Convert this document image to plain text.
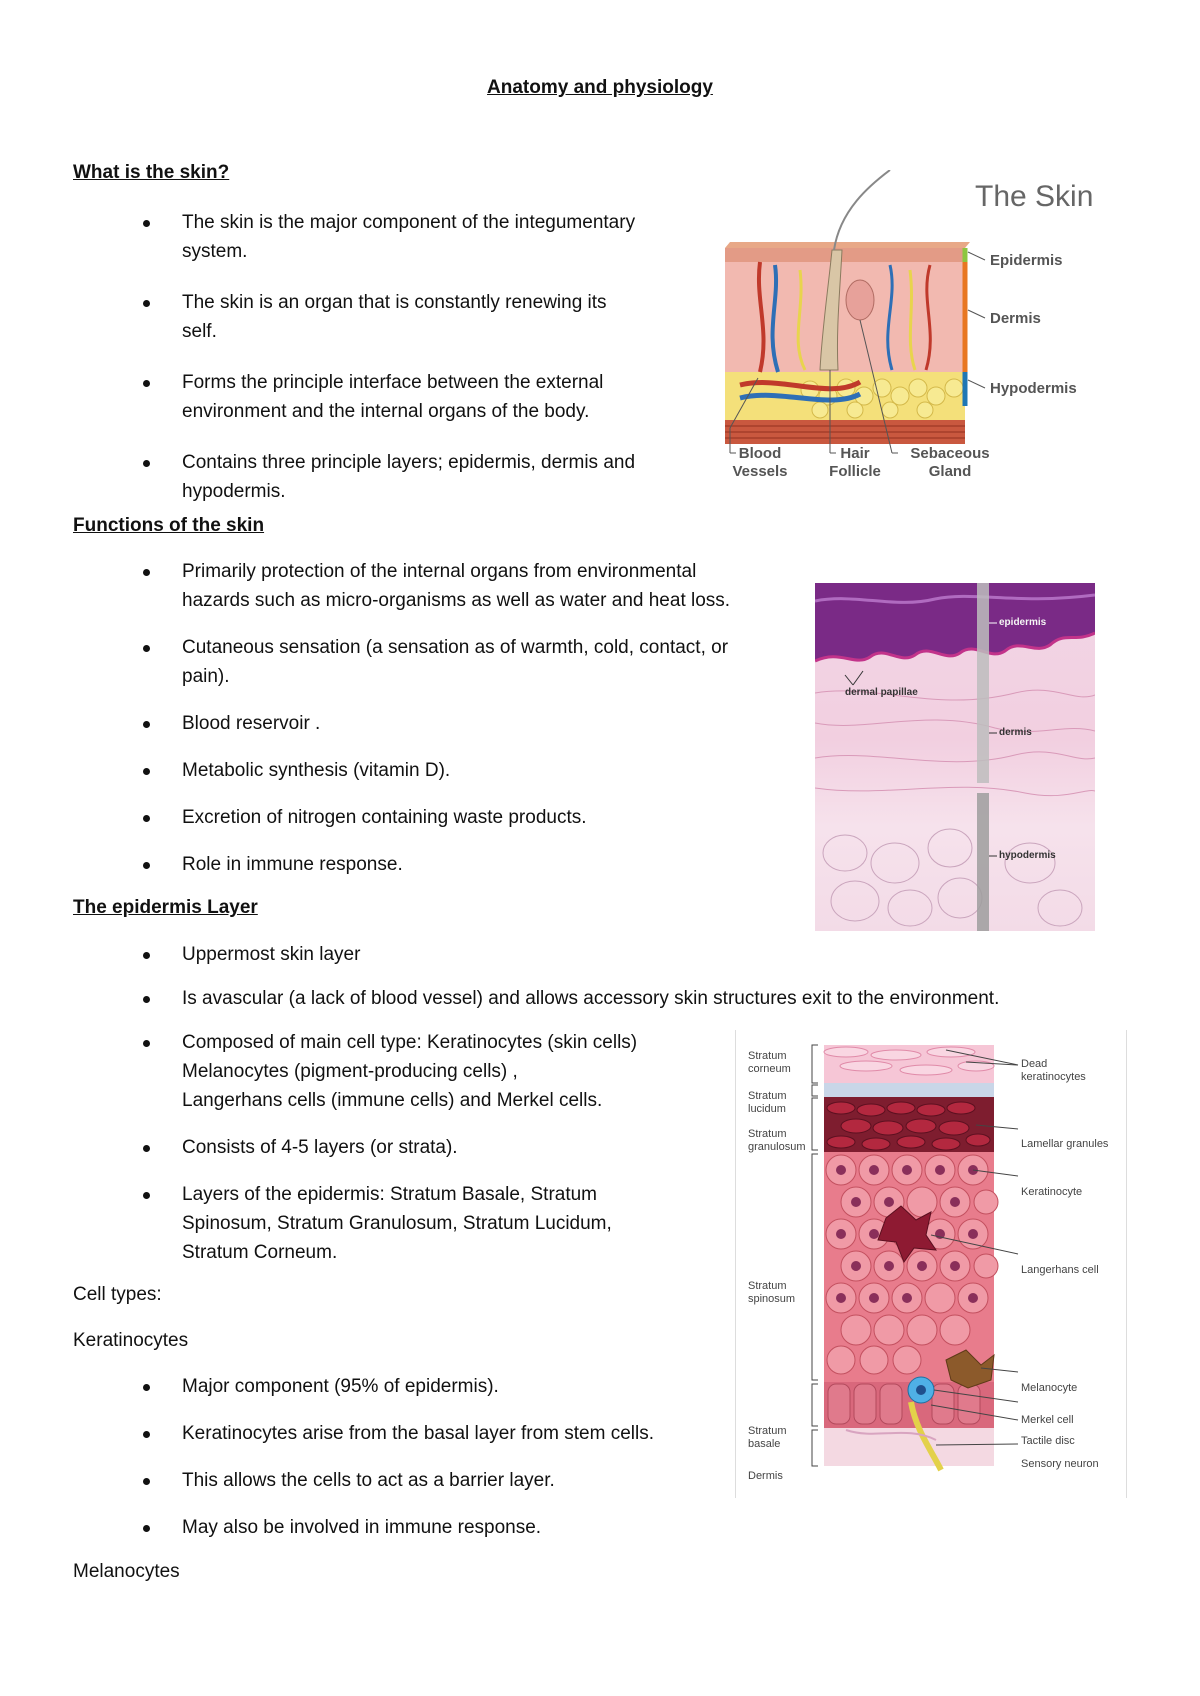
Anatomy and physiology
What is the skin?
The skin is the major component of the integumentary system.
The skin is an organ that is constantly renewing its self.
Forms the principle interface between the external environment and the internal organs of the body.
Contains three principle layers; epidermis, dermis and hypodermis.
Functions of the skin
Primarily protection of the internal organs from environmental hazards such as micro-organisms as well as water and heat loss.
Cutaneous sensation (a sensation as of warmth, cold, contact, or pain).
Blood reservoir .
Metabolic synthesis (vitamin D).
Excretion of nitrogen containing waste products.
Role in immune response.
The epidermis Layer
Uppermost skin layer
Is avascular (a lack of blood vessel) and allows accessory skin structures exit to the environment.
Composed of main cell type: Keratinocytes (skin cells)
Melanocytes (pigment-producing cells) ,
Langerhans cells (immune cells) and Merkel cells.
Consists of 4-5 layers (or strata).
Layers of the epidermis: Stratum Basale, Stratum Spinosum, Stratum Granulosum, Stratum Lucidum, Stratum Corneum.
Cell types:
Keratinocytes
Major component (95% of epidermis).
Keratinocytes arise from the basal layer from stem cells.
This allows the cells to act as a barrier layer.
May also be involved in immune response.
Melanocytes
The Skin
Epidermis
Dermis
Hypodermis
Blood
Vessels
Hair
Follicle
Sebaceous
Gland
epidermis
dermal papillae
dermis
hypodermis
Stratum
corneum
Stratum
lucidum
Stratum
granulosum
Stratum
spinosum
Stratum
basale
Dermis
Dead
keratinocytes
Lamellar granules
Keratinocyte
Langerhans cell
Melanocyte
Merkel cell
Tactile disc
Sensory neuron
